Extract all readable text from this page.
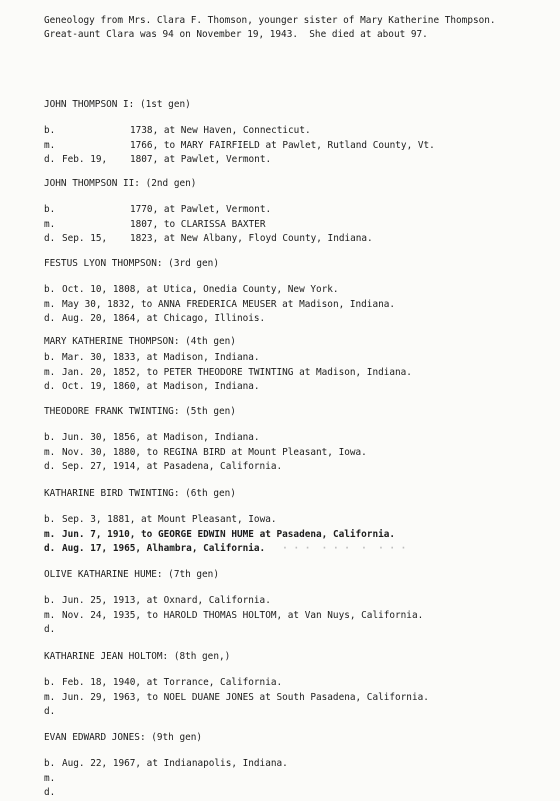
Geneology from Mrs. Clara F. Thomson, younger sister of Mary Katherine Thompson.
Great-aunt Clara was 94 on November 19, 1943.  She died at about 97.
JOHN THOMPSON I: (1st gen)
b.	1738, at New Haven, Connecticut.
m.	1766, to MARY FAIRFIELD at Pawlet, Rutland County, Vt.
d. Feb. 19,	1807, at Pawlet, Vermont.
JOHN THOMPSON II: (2nd gen)
b.	1770, at Pawlet, Vermont.
m.	1807, to CLARISSA BAXTER
d. Sep. 15,	1823, at New Albany, Floyd County, Indiana.
FESTUS LYON THOMPSON: (3rd gen)
b. Oct. 10, 1808, at Utica, Onedia County, New York.
m. May 30, 1832, to ANNA FREDERICA MEUSER at Madison, Indiana.
d. Aug. 20, 1864, at Chicago, Illinois.
MARY KATHERINE THOMPSON: (4th gen)
b. Mar. 30, 1833, at Madison, Indiana.
m. Jan. 20, 1852, to PETER THEODORE TWINTING at Madison, Indiana.
d. Oct. 19, 1860, at Madison, Indiana.
THEODORE FRANK TWINTING: (5th gen)
b. Jun. 30, 1856, at Madison, Indiana.
m. Nov. 30, 1880, to REGINA BIRD at Mount Pleasant, Iowa.
d. Sep. 27, 1914, at Pasadena, California.
KATHARINE BIRD TWINTING: (6th gen)
b. Sep. 3, 1881, at Mount Pleasant, Iowa.
m. Jun. 7, 1910, to GEORGE EDWIN HUME at Pasadena, California.
d. Aug. 17, 1965, Alhambra, California. · · ·  · · ·  ·  · · ·
OLIVE KATHARINE HUME: (7th gen)
b. Jun. 25, 1913, at Oxnard, California.
m. Nov. 24, 1935, to HAROLD THOMAS HOLTOM, at Van Nuys, California.
d.
KATHARINE JEAN HOLTOM: (8th gen,)
b. Feb. 18, 1940, at Torrance, California.
m. Jun. 29, 1963, to NOEL DUANE JONES at South Pasadena, California.
d.
EVAN EDWARD JONES: (9th gen)
b. Aug. 22, 1967, at Indianapolis, Indiana.
m.
d.
